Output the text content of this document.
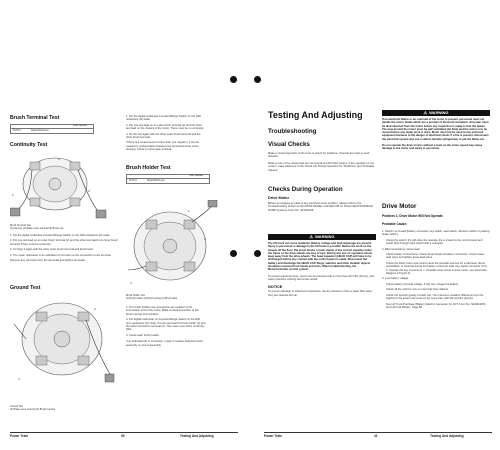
Brush Terminal Test
Tools Needed
507473	Digital Multimeter
Continuity Test
1
2
3
Brush Terminal Test
(1) Flat bar, (2) Brake cover terminal (3) Brush cap
1. Put the digital multimeter Function/Range Switch on the Ω20 resistance (Ω) scale.
2. Put one test lead on an outer brush terminal (2) and the other test lead to an inner brush terminal. There must be continuity.
3. On Step 2 again with the other outer brush terminal and brush lead.
4. The meter resistance is an indication of corrosion at the connection to the terminal.
Remove any corrosion from the terminals and tighten terminals.
Ground Test
2
3
Ground Test
(2) Brake cover terminal (3) Brush housing
1. Put the digital multimeter Function/Range Switch on the Ω20 resistance (Ω) scale.
2. Put one test lead on an outer brush terminal (2) and the other test lead on the chassis of the motor. There must be no continuity.
3. Do the test again with the other outer brush terminal and the other brush terminal.
If there is a measurement of less than one megohm, it can be caused by contamination between the terminal and the motor housing. Check (1) and clean terminal.
Brush Holder Test
Tools Needed
507473	Digital Multimeter
1
2
3
Brush Holder Test
(1) Brush holder (2) Brush spring (3) Brush plate
1. The brush holders are mounted on an insulator of the commutator end of the motor. Make a visual inspection of the brush springs and insulator.
2. Put digital multimeter on Function/Range Switch on the Ω20 ohm resistance (Ω) scale. Put one test lead to brush holder (1) and the other test lead to terminal (2). The meter must show continuity (0Ω).
3. Check each brush holder.
If an indicated (Ω) is not shown, repair or replace defective brush assembly or end of assembly.
Power Train	50	Testing And Adjusting
Testing And Adjusting
Troubleshooting
Visual Checks
Make a visual inspection of the truck to check for problems. Operate the truck in each direction.
Make a note of the noises that are not normal and find their source. If the operation is not correct, make reference to the Check List During Operation for "Problems" and "Probable Causes".
Checks During Operation
Drive Motor
Before an analysis is made of any electrical motor problem, always refer to the Troubleshooting section of the MOTE MODEL and GEN-OR for Power-SECTION/NEAR DUMP Systems, Form No. SFN49049.
⚠ WARNING
The lift truck can move suddenly. Battery voltage and high amperage are present. Injury to personnel or damage to the lift truck is possible. Before the work on the wheels off the floor. Put wood blocks or jack stands of the correct capacity under the frame so the drive wheels are free to turn. During any test on operation check, keep away from the drive wheels. The head capacitor (HEAD CAP) will have to be discharged before any contact with the control panel is made. Disconnect the battery and discharge the HEAD CAP. Rings, watches and other metallic objects should be removed from hands and arms. When troubleshooting, the MotorController control system.
To prevent personal injury, never use air pressure that is more than 207 kPa (30 psi), and wear protective clothing and a face shield.
NOTICE
To prevent damage to electrical components, the air pressure is from a water filter when they are cleaned with air.
⚠ WARNING
If an electrical failure or an overload of the motor is present, personnel must not handle the motor. Brake which are a product of the burnt insulation. All power must be disconnected from the motor before any inspection is made to find the failure. The area around the motor must be well ventilated (air flow) and the motor is to be moved before any repair work is done. Motor must not be used in any enclosed equipment because of the danger of electrical shock. If a fire is present, disconnect the electrical system and use a carbon dioxide extinguisher to put the flame out.
Do not operate the drive motors without a load, as the motor speed may cause damage to the motor and injury to personnel.
Drive Motor
Problem 1: Drive Motor Will Not Operate.
Probable Cause:
1. Switch not closed (battery connector, key switch, seat switch, direction switch or parking brake switch).
Check the switch. If it will close the operate, the is closed to the control panel and power flow through each switch with a voltmeter.
2. Bad connections / loose lead.
Check battery connections. Check all terminals of battery connectors. Check fuses, lead wires and tighten loose lead wires.
Check the Diest motor and control panel the possible sources for a bad lead. Some possibilities: a. Operate during the battery connector lead, key switch connector (0.5). b. Operate the key connectors. c. Possible short circuit in drive motor, use Schematic Diagram 2.8 (pick 2).
3. Low battery voltage.
Check battery terminal voltage. It has low, charge the battery.
Check all the cells for one or more that have defects.
Check the specific gravity of each cell. The maximum variation difference from the highest to the lowest cell must not be more than .020 (50 specific gravity).
See Lift Truck Purchase (Battery) Electric Generator (H, 1RT, Form No. SEN4018S) and Lift truck Battery, Page 89.
Power Train	41	Testing And Adjusting
